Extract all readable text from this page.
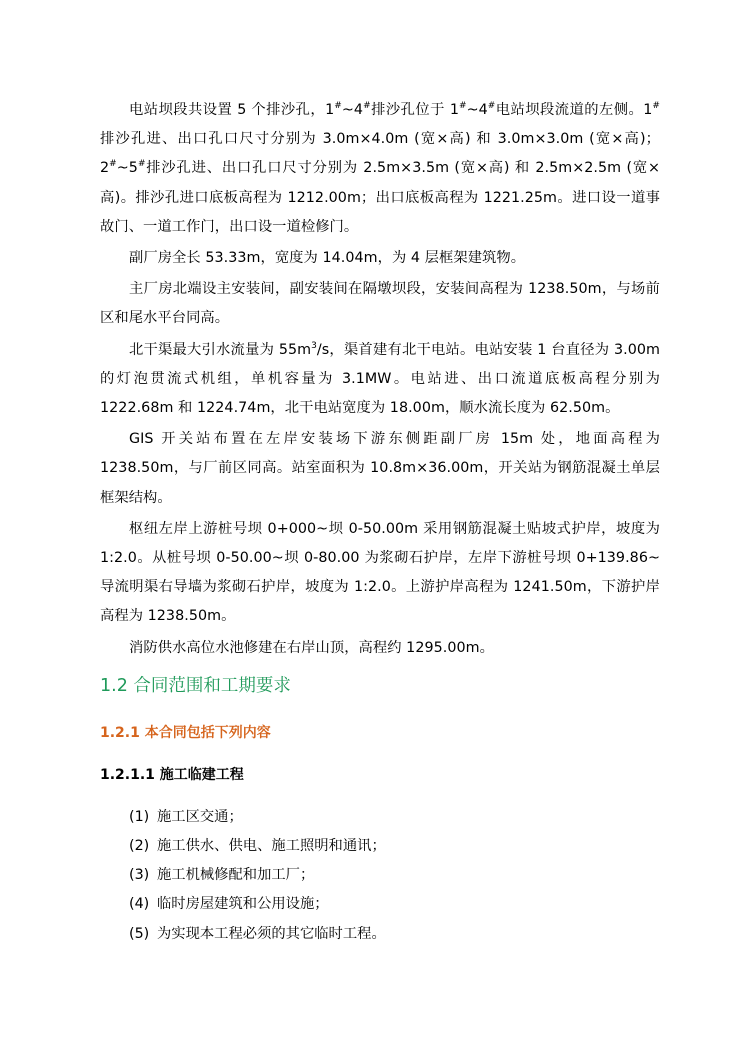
电站坝段共设置 5 个排沙孔，1#~4#排沙孔位于 1#~4#电站坝段流道的左侧。1#排沙孔进、出口孔口尺寸分别为 3.0m×4.0m (宽×高) 和 3.0m×3.0m (宽×高)；2#~5#排沙孔进、出口孔口尺寸分别为 2.5m×3.5m (宽×高) 和 2.5m×2.5m (宽×高)。排沙孔进口底板高程为 1212.00m；出口底板高程为 1221.25m。进口设一道事故门、一道工作门，出口设一道检修门。

副厂房全长 53.33m，宽度为 14.04m，为 4 层框架建筑物。

主厂房北端设主安装间，副安装间在隔墩坝段，安装间高程为 1238.50m，与场前区和尾水平台同高。

北干渠最大引水流量为 $55m^3/s$，渠首建有北干电站。电站安装 1 台直径为 3.00m 的灯泡贯流式机组，单机容量为 3.1MW。电站进、出口流道底板高程分别为 1222.68m 和 1224.74m，北干电站宽度为 18.00m，顺水流长度为 62.50m。

GIS 开关站布置在左岸安装场下游东侧距副厂房 15m 处，地面高程为 1238.50m，与厂前区同高。站室面积为 10.8m×36.00m，开关站为钢筋混凝土单层框架结构。

枢纽左岸上游桩号坝 0+000~坝 0-50.00m 采用钢筋混凝土贴坡式护岸，坡度为 1:2.0。从桩号坝 0-50.00~坝 0-80.00 为浆砌石护岸，左岸下游桩号坝 0+139.86~导流明渠右导墙为浆砌石护岸，坡度为 1:2.0。上游护岸高程为 1241.50m，下游护岸高程为 1238.50m。

消防供水高位水池修建在右岸山顶，高程约 1295.00m。

1.2 合同范围和工期要求
1.2.1 本合同包括下列内容
1.2.1.1 施工临建工程
(1) 施工区交通；
(2) 施工供水、供电、施工照明和通讯；
(3) 施工机械修配和加工厂；
(4) 临时房屋建筑和公用设施；
(5) 为实现本工程必须的其它临时工程。
